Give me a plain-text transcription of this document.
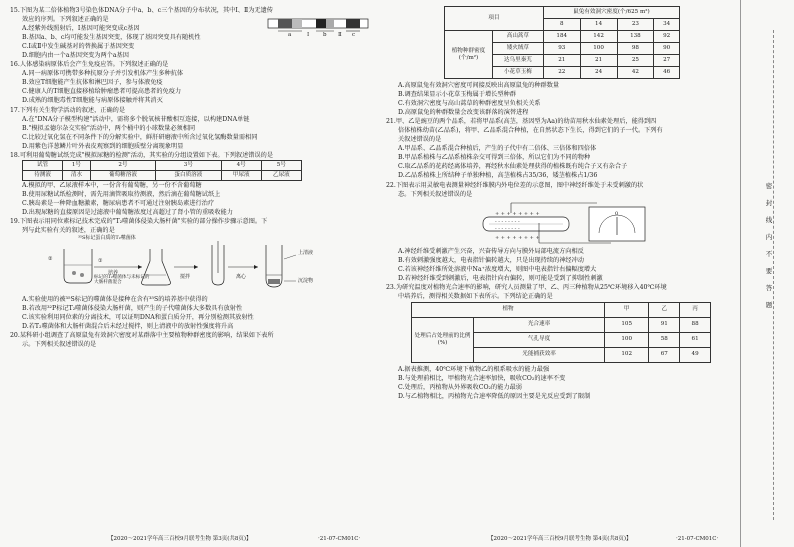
a	Ⅰ	b Ⅱ c
15.下图为某二倍体植物3号染色体DNA分子中a、b、c三个基因的分布状况，其中Ⅰ、Ⅱ为无遗传
效应的序列。下列叙述正确的是
A.经紫外线照射后，Ⅰ基因可能突变成c基因
B.基因a、b、c均可能发生基因突变，体现了基因突变具有随机性
C.Ⅰ或Ⅱ中发生碱基对的替换属于基因突变
D.细胞内由一个a基因突变为两个a基因
16.人体感染病原体后会产生免疫应答。下列叙述正确的是
A.同一病原体可携带多种抗原分子并引发机体产生多种抗体
B.效应T细胞能产生抗体和淋巴因子，参与体液免疫
C.健康人的T细胞直接移植给肿瘤患者可提高患者的免疫力
D.成熟的细胞毒性T细胞能与病原体接触并将其消灭
17.下列有关生物学活动的叙述，正确的是
A.在"DNA分子模型构建"活动中，需将多个脱氧核苷酸相互连接，以构建DNA单链
B."模拟孟德尔杂交实验"活动中，两个桶中的小球数量必须相同
C.比较过氧化氢在不同条件下的分解实验中，鲜肝研磨液中所含过氧化氢酶数量需相同
D.用紫色洋葱鳞片叶外表皮观察到的细胞质壁分离现象明显
18.可利用葡萄糖试纸完成"模拟尿糖的检测"活动，其实验的分组设置如下表。下列叙述错误的是
试管	1号	2号	3号	4号	5号
待测液	清水	葡萄糖溶液	蛋白质溶液	甲尿液	乙尿液
A.模拟的甲、乙尿液样本中，一份含有葡萄糖，另一份不含葡萄糖
B.使用尿糖试纸检测时，需先用滴管吸取待测液，然后滴在葡萄糖试纸上
C.胰岛素是一种降血糖激素，糖尿病患者不可通过注射胰岛素进行治疗
D.出现尿糖的直接原因是过滤液中葡萄糖浓度过高超过了肾小管的重吸收能力
19.下图表示用同位素标记技术完成的"T₂噬菌体侵染大肠杆菌"实验的部分操作步骤示意图。下
列与此实验有关的叙述，正确的是
³⁵S标记蛋白质的T₂噬菌体
②	①
培养
标记的T₂噬菌体与未标记的大肠杆菌混合
搅拌	离心
上清液
沉淀物
A.实验使用的被³⁵S标记的噬菌体是接种在含有³⁵S的培养基中获得的
B.若改用³²P标记T₂噬菌体侵染大肠杆菌，则产生的子代噬菌体大多数具有放射性
C.该实验利用同位素的分离技术，可以证明DNA和蛋白质分开，再分别检测其放射性
D.若T₂噬菌体和大肠杆菌混合后未经过搅拌，则上清液中的放射性强度将升高
20.某科研小组调查了高原鼠兔有效洞穴密度对某群落中主要植物种群密度的影响，结果如下表所
示。下列相关叙述错误的是
项目		鼠兔有效洞穴密度(个/625 m²)			
		8	14	23	34
植物种群密度(个/m²)	高山蒿草	184	142	138	92
	矮火绒草	93	100	98	90
	达乌里秦艽	21	21	25	27
	小花草玉梅	22	24	42	46
A.高原鼠兔有效洞穴密度可间接反映出高原鼠兔的种群数量
B.调查结果显示小花草玉梅属于增长型种群
C.有效洞穴密度与高山蒿草的种群密度呈负相关关系
D.高原鼠兔的种群数量会改变该群落的演替进程
21.甲、乙是豌豆的两个品系，若将甲品系(高茎，基因型为Aa)的幼苗用秋水仙素处理后，能得到四
倍体植株幼苗(乙品系)，将甲、乙品系混合种植，在自然状态下生长，得到它们的子一代。下列有
关叙述错误的是
A.甲品系、乙品系混合种植后，产生的子代中有二倍体、三倍体和四倍体
B.甲品系植株与乙品系植株杂交可得到三倍体，所以它们为不同的物种
C.取乙品系的花药经离体培养，再经秋水仙素处理获得的植株既有纯合子又有杂合子
D.乙品系植株上所结种子单独种植，高茎植株占35/36，矮茎植株占1/36
22.下图表示用灵敏电表测量神经纤维膜内外电位差的示意图，图中神经纤维处于未受刺激的状
态。下列相关叙述错误的是
+ + + + + + + +
- - - - - - - -
- - - - - - - -
+ + + + + + + +
0
A.神经纤维受刺激产生兴奋，兴奋传导方向与膜外局部电流方向相反
B.有效刺激强度越大，电表指针偏转越大，只是出现持续的神经冲动
C.若该神经纤维所处溶液中Na⁺浓度增大，则图中电表指针右偏幅度增大
D.若神经纤维受到刺激后，电表指针向右偏转，则可能是受到了抑制性刺激
23.为研究温度对植物光合速率的影响，研究人员测量了甲、乙、丙三种植物从25℃环境移入40℃环境
中培养后，测得相关数据如下表所示。下列结论正确的是
植物		甲	乙	丙
处理后占处理前的比例(%)	光合速率	105	91	88
	气孔导度	100	58	61
	光能捕获效率	102	67	49
A.据表推测，40℃环境下植物乙的根系吸水的能力最强
B.与处理前相比，甲植物光合速率加快，吸收CO₂的速率不变
C.处理后，丙植物从外界吸收CO₂的能力最弱
D.与乙植物相比，丙植物光合速率降低的原因主要是光反应受到了限制
【2020～2021学年高三百校9月联考生物 第3页(共8页)】	·21-07-CM01C·	【2020～2021学年高三百校9月联考生物 第4页(共8页)】	·21-07-CM01C·
密
封
线
内
不
要
答
题
